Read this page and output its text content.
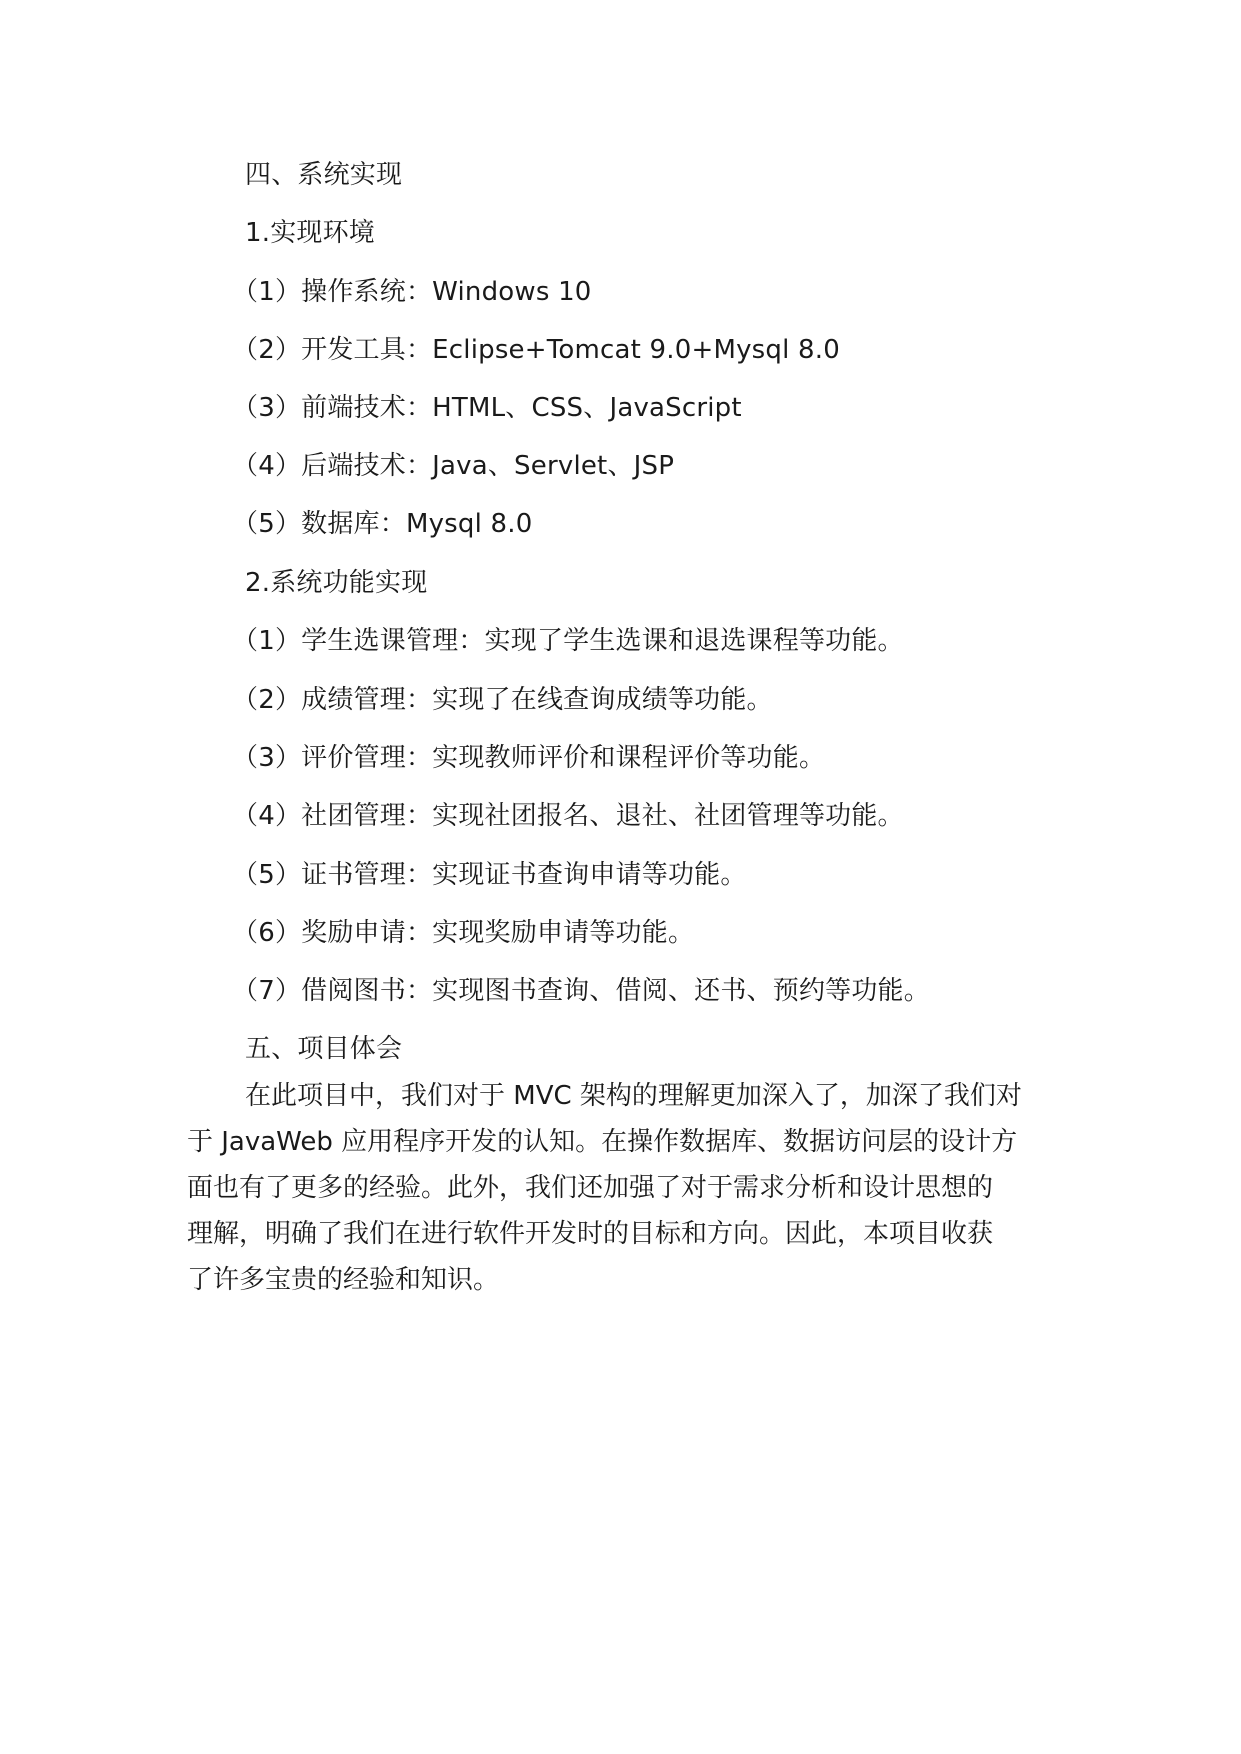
四、系统实现
1.实现环境
（1）操作系统：Windows 10
（2）开发工具：Eclipse+Tomcat 9.0+Mysql 8.0
（3）前端技术：HTML、CSS、JavaScript
（4）后端技术：Java、Servlet、JSP
（5）数据库：Mysql 8.0
2.系统功能实现
（1）学生选课管理：实现了学生选课和退选课程等功能。
（2）成绩管理：实现了在线查询成绩等功能。
（3）评价管理：实现教师评价和课程评价等功能。
（4）社团管理：实现社团报名、退社、社团管理等功能。
（5）证书管理：实现证书查询申请等功能。
（6）奖励申请：实现奖励申请等功能。
（7）借阅图书：实现图书查询、借阅、还书、预约等功能。
五、项目体会
在此项目中，我们对于 MVC 架构的理解更加深入了，加深了我们对
于 JavaWeb 应用程序开发的认知。在操作数据库、数据访问层的设计方
面也有了更多的经验。此外，我们还加强了对于需求分析和设计思想的
理解，明确了我们在进行软件开发时的目标和方向。因此，本项目收获
了许多宝贵的经验和知识。
